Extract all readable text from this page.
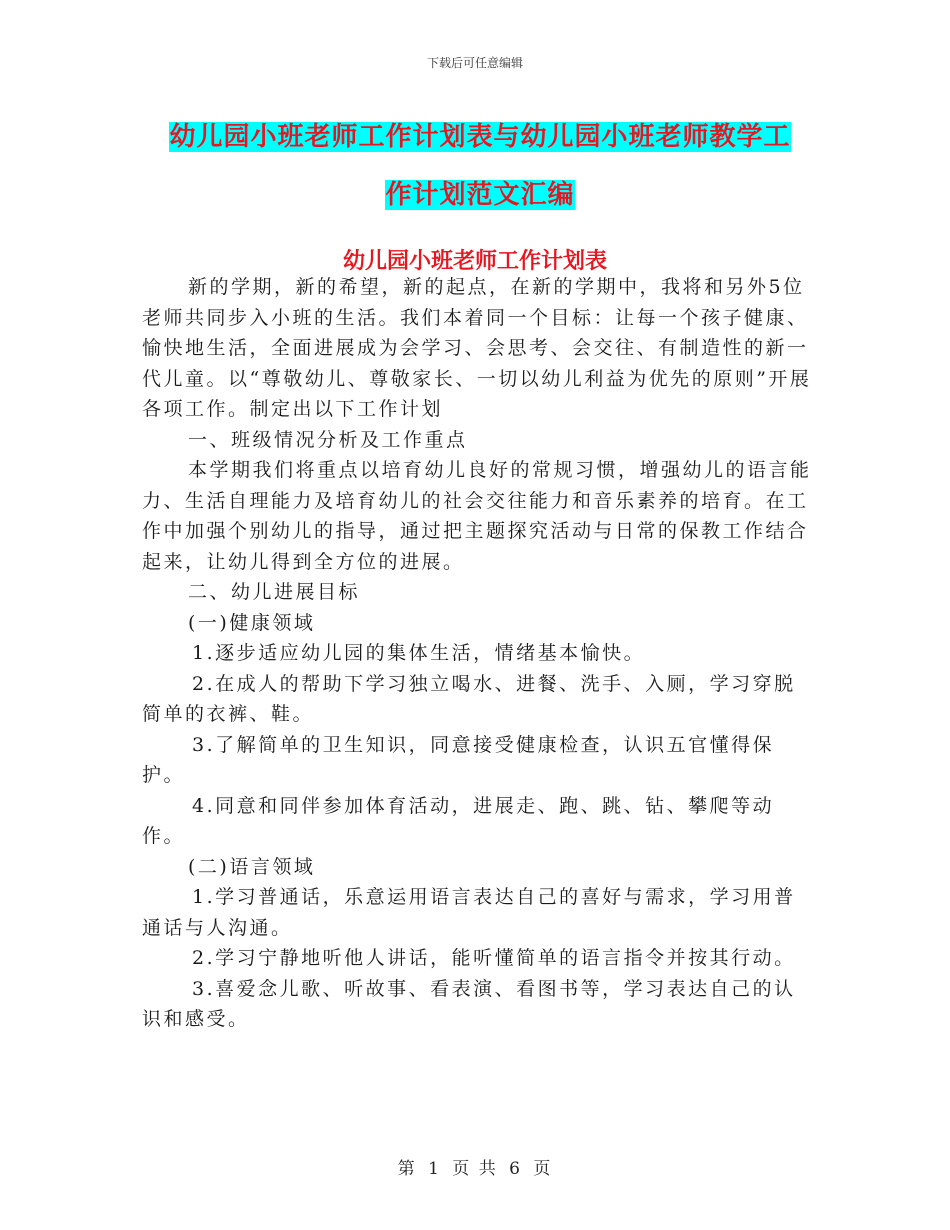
下载后可任意编辑
幼儿园小班老师工作计划表与幼儿园小班老师教学工
作计划范文汇编
幼儿园小班老师工作计划表

新的学期，新的希望，新的起点，在新的学期中，我将和另外5位老师共同步入小班的生活。我们本着同一个目标：让每一个孩子健康、愉快地生活，全面进展成为会学习、会思考、会交往、有制造性的新一代儿童。以“尊敬幼儿、尊敬家长、一切以幼儿利益为优先的原则”开展各项工作。制定出以下工作计划

一、班级情况分析及工作重点

本学期我们将重点以培育幼儿良好的常规习惯，增强幼儿的语言能力、生活自理能力及培育幼儿的社会交往能力和音乐素养的培育。在工作中加强个别幼儿的指导，通过把主题探究活动与日常的保教工作结合起来，让幼儿得到全方位的进展。

二、幼儿进展目标

(一)健康领域

1.逐步适应幼儿园的集体生活，情绪基本愉快。

2.在成人的帮助下学习独立喝水、进餐、洗手、入厕，学习穿脱简单的衣裤、鞋。

3.了解简单的卫生知识，同意接受健康检查，认识五官懂得保护。

4.同意和同伴参加体育活动，进展走、跑、跳、钻、攀爬等动作。

(二)语言领域

1.学习普通话，乐意运用语言表达自己的喜好与需求，学习用普通话与人沟通。

2.学习宁静地听他人讲话，能听懂简单的语言指令并按其行动。

3.喜爱念儿歌、听故事、看表演、看图书等，学习表达自己的认识和感受。

第 1 页 共 6 页
